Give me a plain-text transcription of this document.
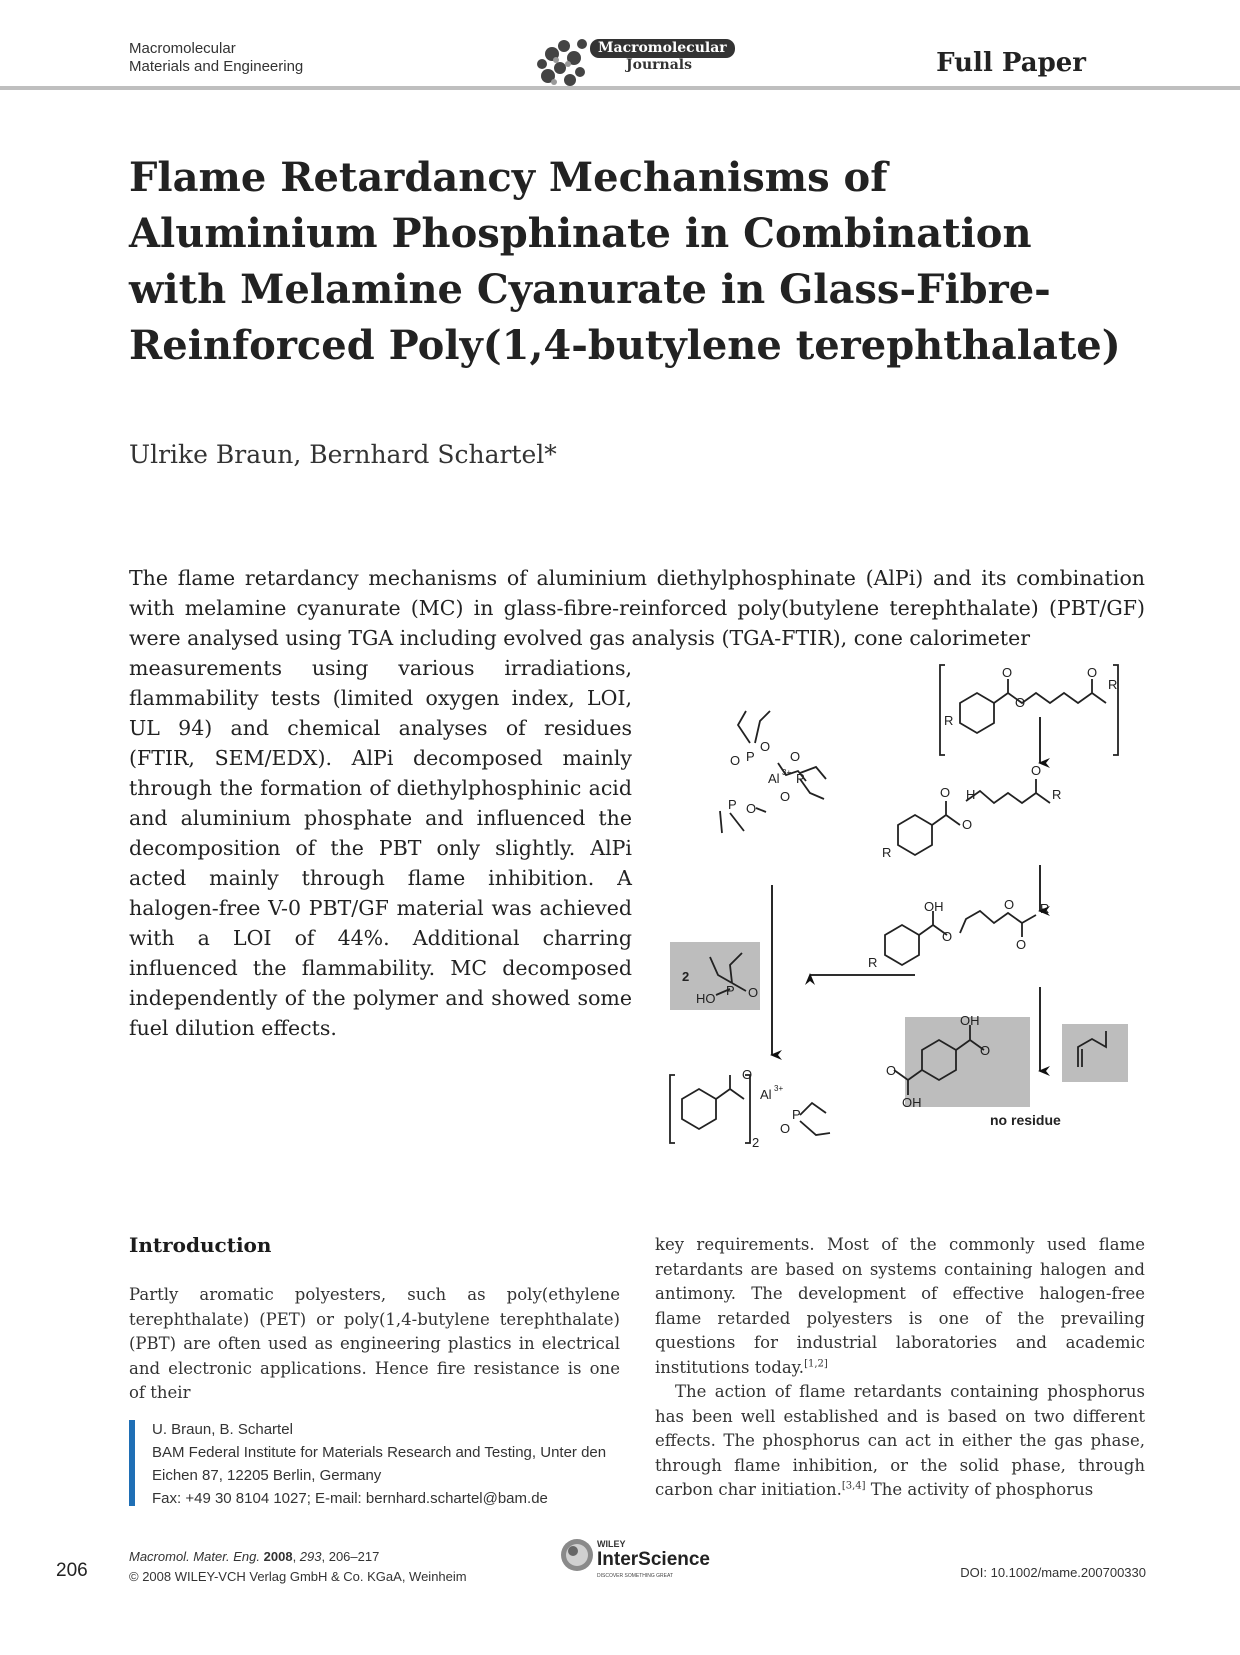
Macromolecular
Materials and Engineering
Macromolecular
Journals	Full Paper
Flame Retardancy Mechanisms of Aluminium Phosphinate in Combination with Melamine Cyanurate in Glass-Fibre-Reinforced Poly(1,4-butylene terephthalate)
Ulrike Braun, Bernhard Schartel*
The flame retardancy mechanisms of aluminium diethylphosphinate (AlPi) and its combination with melamine cyanurate (MC) in glass-fibre-reinforced poly(butylene terephthalate) (PBT/GF) were analysed using TGA including evolved gas analysis (TGA-FTIR), cone calorimeter
measurements using various irradiations, flammability tests (limited oxygen index, LOI, UL 94) and chemical analyses of residues (FTIR, SEM/EDX). AlPi decomposed mainly through the formation of diethylphosphinic acid and aluminium phosphate and influenced the decomposition of the PBT only slightly. AlPi acted mainly through flame inhibition. A halogen-free V-0 PBT/GF material was achieved with a LOI of 44%. Additional charring influenced the flammability. MC decomposed independently of the polymer and showed some fuel dilution effects.
O
O
O
R
R
P
O
O
O
P
O
Al 3+
P O
O
O
H
O
R
R
OH
O
O
O
R
R
OH
O
OH
O
2
P O
HO
2
Al 3+
P
O
O
no residue
Introduction

Partly aromatic polyesters, such as poly(ethylene terephthalate) (PET) or poly(1,4-butylene terephthalate) (PBT) are often used as engineering plastics in electrical and electronic applications. Hence fire resistance is one of their

key requirements. Most of the commonly used flame retardants are based on systems containing halogen and antimony. The development of effective halogen-free flame retarded polyesters is one of the prevailing questions for industrial laboratories and academic institutions today.[1,2]

The action of flame retardants containing phosphorus has been well established and is based on two different effects. The phosphorus can act in either the gas phase, through flame inhibition, or the solid phase, through carbon char initiation.[3,4] The activity of phosphorus

U. Braun, B. Schartel
BAM Federal Institute for Materials Research and Testing, Unter den Eichen 87, 12205 Berlin, Germany
Fax: +49 30 8104 1027; E-mail: bernhard.schartel@bam.de
206
Macromol. Mater. Eng. 2008, 293, 206–217
© 2008 WILEY-VCH Verlag GmbH & Co. KGaA, Weinheim
WILEY
InterScience
DISCOVER SOMETHING GREAT	DOI: 10.1002/mame.200700330
